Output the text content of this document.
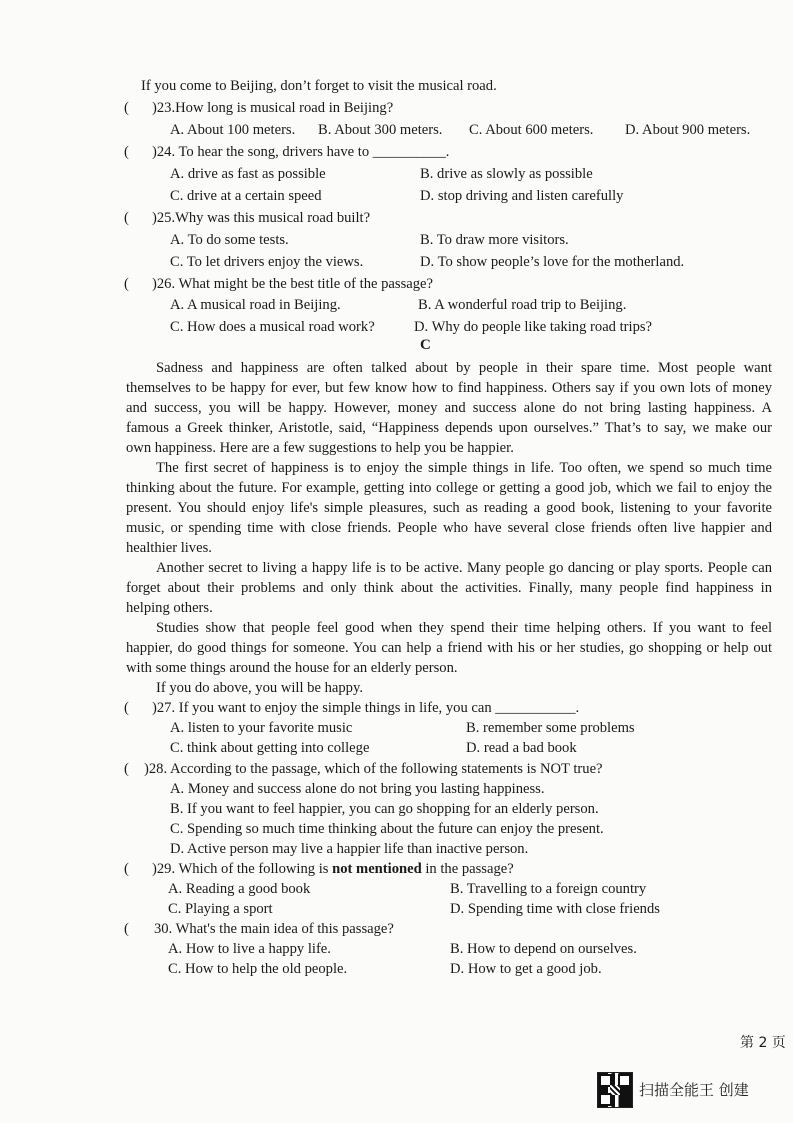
If you come to Beijing, don’t forget to visit the musical road.
( )23.How long is musical road in Beijing?
A. About 100 meters. B. About 300 meters. C. About 600 meters. D. About 900 meters.
( )24. To hear the song, drivers have to __________.
A. drive as fast as possible	B. drive as slowly as possible
C. drive at a certain speed	D. stop driving and listen carefully
( )25.Why was this musical road built?
A. To do some tests.	B. To draw more visitors.
C. To let drivers enjoy the views.	D. To show people’s love for the motherland.
( )26. What might be the best title of the passage?
A. A musical road in Beijing.	B. A wonderful road trip to Beijing.
C. How does a musical road work?	D. Why do people like taking road trips?
C
Sadness and happiness are often talked about by people in their spare time. Most people want
themselves to be happy for ever, but few know how to find happiness. Others say if you own lots of money
and success, you will be happy. However, money and success alone do not bring lasting happiness. A
famous a Greek thinker, Aristotle, said, “Happiness depends upon ourselves.” That’s to say, we make our
own happiness. Here are a few suggestions to help you be happier.
The first secret of happiness is to enjoy the simple things in life. Too often, we spend so much time
thinking about the future. For example, getting into college or getting a good job, which we fail to enjoy the
present. You should enjoy life's simple pleasures, such as reading a good book, listening to your favorite
music, or spending time with close friends. People who have several close friends often live happier and
healthier lives.
Another secret to living a happy life is to be active. Many people go dancing or play sports. People can
forget about their problems and only think about the activities. Finally, many people find happiness in
helping others.
Studies show that people feel good when they spend their time helping others. If you want to feel
happier, do good things for someone. You can help a friend with his or her studies, go shopping or help out
with some things around the house for an elderly person.
If you do above, you will be happy.
( )27. If you want to enjoy the simple things in life, you can ___________.
A. listen to your favorite music	B. remember some problems
C. think about getting into college	D. read a bad book
( )28. According to the passage, which of the following statements is NOT true?
A. Money and success alone do not bring you lasting happiness.
B. If you want to feel happier, you can go shopping for an elderly person.
C. Spending so much time thinking about the future can enjoy the present.
D. Active person may live a happier life than inactive person.
( )29. Which of the following is not mentioned in the passage?
A. Reading a good book	B. Travelling to a foreign country
C. Playing a sport	D. Spending time with close friends
( 30. What's the main idea of this passage?
A. How to live a happy life.	B. How to depend on ourselves.
C. How to help the old people.	D. How to get a good job.
第 2 页
扫描全能王 创建
